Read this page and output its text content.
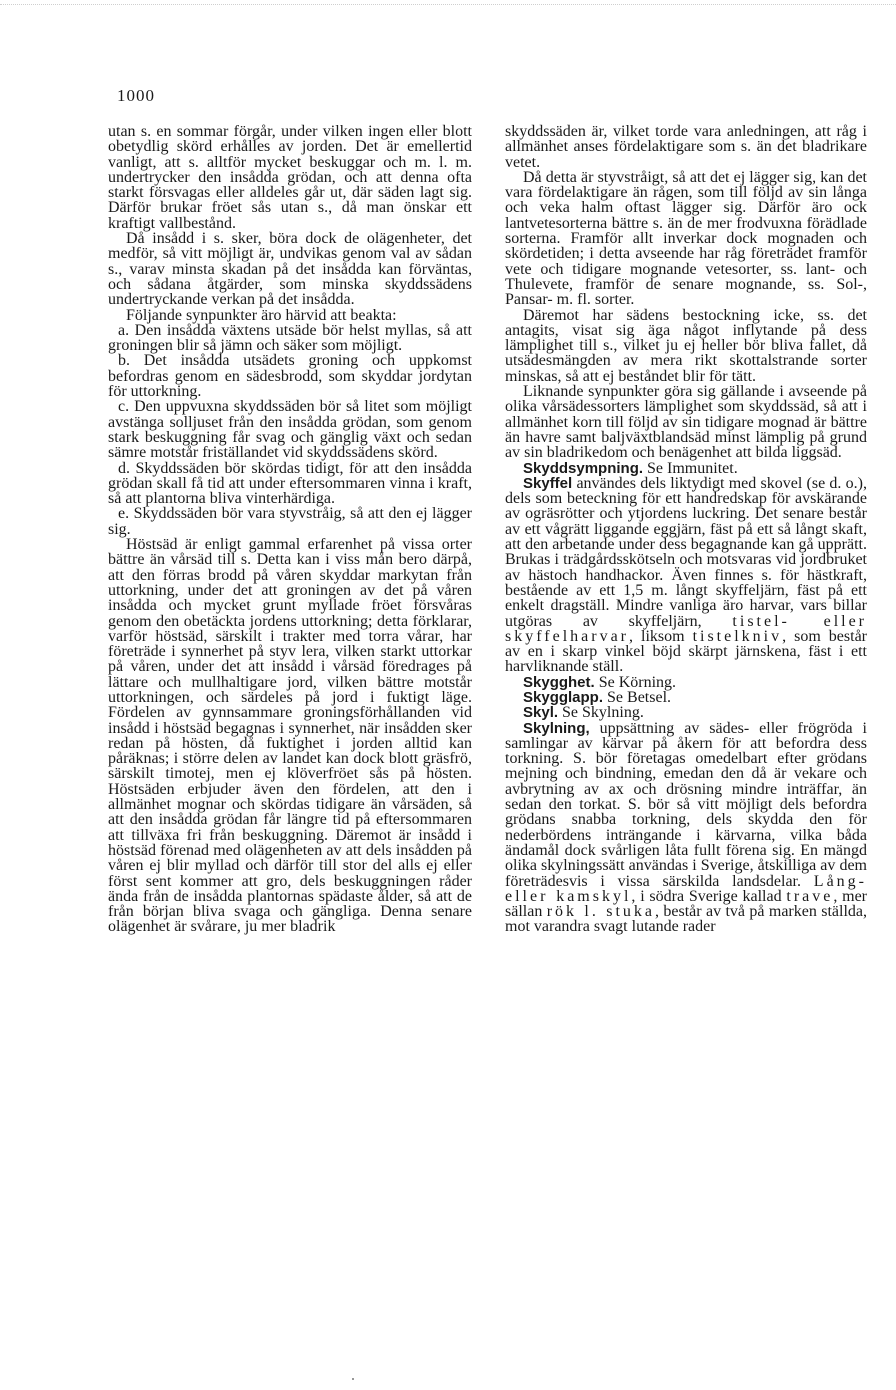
1000

utan s. en sommar förgår, under vilken ingen eller blott obetydlig skörd erhålles av jorden. Det är emellertid vanligt, att s. alltför mycket beskuggar och m. l. m. undertrycker den insådda grödan, och att denna ofta starkt försvagas eller alldeles går ut, där säden lagt sig. Därför brukar fröet sås utan s., då man önskar ett kraftigt vallbestånd.

Då insådd i s. sker, böra dock de olägenheter, det medför, så vitt möjligt är, undvikas genom val av sådan s., varav minsta skadan på det insådda kan förväntas, och sådana åtgärder, som minska skyddssädens undertryckande verkan på det insådda.

Följande synpunkter äro härvid att beakta:

a. Den insådda växtens utsäde bör helst myllas, så att groningen blir så jämn och säker som möjligt.

b. Det insådda utsädets groning och uppkomst befordras genom en sädesbrodd, som skyddar jordytan för uttorkning.

c. Den uppvuxna skyddssäden bör så litet som möjligt avstänga solljuset från den insådda grödan, som genom stark beskuggning får svag och gänglig växt och sedan sämre motstår friställandet vid skyddssädens skörd.

d. Skyddssäden bör skördas tidigt, för att den insådda grödan skall få tid att under eftersommaren vinna i kraft, så att plantorna bliva vinterhärdiga.

e. Skyddssäden bör vara styvstråig, så att den ej lägger sig.

Höstsäd är enligt gammal erfarenhet på vissa orter bättre än vårsäd till s. Detta kan i viss mån bero därpå, att den förras brodd på våren skyddar markytan från uttorkning, under det att groningen av det på våren insådda och mycket grunt myllade fröet försvåras genom den obetäckta jordens uttorkning; detta förklarar, varför höstsäd, särskilt i trakter med torra vårar, har företräde i synnerhet på styv lera, vilken starkt uttorkar på våren, under det att insådd i vårsäd föredrages på lättare och mullhaltigare jord, vilken bättre motstår uttorkningen, och särdeles på jord i fuktigt läge. Fördelen av gynnsammare groningsförhållanden vid insådd i höstsäd begagnas i synnerhet, när insådden sker redan på hösten, då fuktighet i jorden alltid kan påräknas; i större delen av landet kan dock blott gräsfrö, särskilt timotej, men ej klöverfröet sås på hösten. Höstsäden erbjuder även den fördelen, att den i allmänhet mognar och skördas tidigare än vårsäden, så att den insådda grödan får längre tid på eftersommaren att tillväxa fri från beskuggning. Däremot är insådd i höstsäd förenad med olägenheten av att dels insådden på våren ej blir myllad och därför till stor del alls ej eller först sent kommer att gro, dels beskuggningen råder ända från de insådda plantornas spädaste ålder, så att de från början bliva svaga och gängliga. Denna senare olägenhet är svårare, ju mer bladrik

skyddssäden är, vilket torde vara anledningen, att råg i allmänhet anses fördelaktigare som s. än det bladrikare vetet.

Då detta är styvstråigt, så att det ej lägger sig, kan det vara fördelaktigare än rågen, som till följd av sin långa och veka halm oftast lägger sig. Därför äro ock lantvetesorterna bättre s. än de mer frodvuxna förädlade sorterna. Framför allt inverkar dock mognaden och skördetiden; i detta avseende har råg företrädet framför vete och tidigare mognande vetesorter, ss. lant- och Thulevete, framför de senare mognande, ss. Sol-, Pansar- m. fl. sorter.

Däremot har sädens bestockning icke, ss. det antagits, visat sig äga något inflytande på dess lämplighet till s., vilket ju ej heller bör bliva fallet, då utsädesmängden av mera rikt skottalstrande sorter minskas, så att ej beståndet blir för tätt.

Liknande synpunkter göra sig gällande i avseende på olika vårsädessorters lämplighet som skyddssäd, så att i allmänhet korn till följd av sin tidigare mognad är bättre än havre samt baljväxtblandsäd minst lämplig på grund av sin bladrikedom och benägenhet att bilda liggsäd.

Skyddsympning. Se Immunitet.

Skyffel användes dels liktydigt med skovel (se d. o.), dels som beteckning för ett handredskap för avskärande av ogräsrötter och ytjordens luckring. Det senare består av ett vågrätt liggande eggjärn, fäst på ett så långt skaft, att den arbetande under dess begagnande kan gå upprätt. Brukas i trädgårdsskötseln och motsvaras vid jordbruket av hästoch handhackor. Även finnes s. för hästkraft, bestående av ett 1,5 m. långt skyffeljärn, fäst på ett enkelt dragställ. Mindre vanliga äro harvar, vars billar utgöras av skyffeljärn, tistel- eller skyffelharvar, liksom tistelkniv, som består av en i skarp vinkel böjd skärpt järnskena, fäst i ett harvliknande ställ.

Skygghet. Se Körning.

Skygglapp. Se Betsel.

Skyl. Se Skylning.

Skylning, uppsättning av sädes- eller frögröda i samlingar av kärvar på åkern för att befordra dess torkning. S. bör företagas omedelbart efter grödans mejning och bindning, emedan den då är vekare och avbrytning av ax och drösning mindre inträffar, än sedan den torkat. S. bör så vitt möjligt dels befordra grödans snabba torkning, dels skydda den för nederbördens inträngande i kärvarna, vilka båda ändamål dock svårligen låta fullt förena sig. En mängd olika skylningssätt användas i Sverige, åtskilliga av dem företrädesvis i vissa särskilda landsdelar. Lång- eller kamskyl, i södra Sverige kallad trave, mer sällan rök l. stuka, består av två på marken ställda, mot varandra svagt lutande rader
